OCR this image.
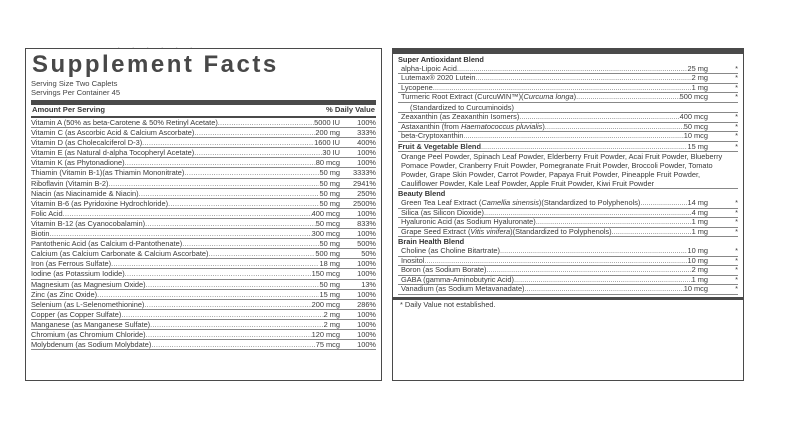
Supplement Facts
Serving Size Two Caplets
Servings Per Container 45
Amount Per Serving	% Daily Value
Vitamin A (50% as beta-Carotene & 50% Retinyl Acetate) .....	5000 IU	100%
Vitamin C (as Ascorbic Acid & Calcium Ascorbate) .....	200 mg	333%
Vitamin D (as Cholecalciferol D-3) .....	1600 IU	400%
Vitamin E (as Natural d-alpha Tocopheryl Acetate) .....	30 IU	100%
Vitamin K (as Phytonadione) .....	80 mcg	100%
Thiamin (Vitamin B-1)(as Thiamin Mononitrate) .....	50 mg	3333%
Riboflavin (Vitamin B-2) .....	50 mg	2941%
Niacin (as Niacinamide & Niacin) .....	50 mg	250%
Vitamin B-6 (as Pyridoxine Hydrochloride) .....	50 mg	2500%
Folic Acid .....	400 mcg	100%
Vitamin B-12 (as Cyanocobalamin) .....	50 mcg	833%
Biotin .....	300 mcg	100%
Pantothenic Acid (as Calcium d-Pantothenate) .....	50 mg	500%
Calcium (as Calcium Carbonate & Calcium Ascorbate) .....	500 mg	50%
Iron (as Ferrous Sulfate) .....	18 mg	100%
Iodine (as Potassium Iodide) .....	150 mcg	100%
Magnesium (as Magnesium Oxide) .....	50 mg	13%
Zinc (as Zinc Oxide) .....	15 mg	100%
Selenium (as L-Selenomethionine) .....	200 mcg	286%
Copper (as Copper Sulfate) .....	2 mg	100%
Manganese (as Manganese Sulfate) .....	2 mg	100%
Chromium (as Chromium Chloride) .....	120 mcg	100%
Molybdenum (as Sodium Molybdate) .....	75 mcg	100%
Super Antioxidant Blend
alpha-Lipoic Acid .....	25 mg	*
Lutemax® 2020 Lutein .....	2 mg	*
Lycopene .....	1 mg	*
Turmeric Root Extract (CurcuWIN™)(Curcuma longa) .....	500 mcg	*
(Standardized to Curcuminoids)
Zeaxanthin (as Zeaxanthin Isomers) .....	400 mcg	*
Astaxanthin (from Haematococcus pluvialis) .....	50 mcg	*
beta-Cryptoxanthin .....	10 mcg	*
Fruit & Vegetable Blend .....	15 mg	*
Orange Peel Powder, Spinach Leaf Powder, Elderberry Fruit Powder, Acai Fruit Powder, Blueberry Pomace Powder, Cranberry Fruit Powder, Pomegranate Fruit Powder, Broccoli Powder, Tomato Powder, Grape Skin Powder, Carrot Powder, Papaya Fruit Powder, Pineapple Fruit Powder, Cauliflower Powder, Kale Leaf Powder, Apple Fruit Powder, Kiwi Fruit Powder
Beauty Blend
Green Tea Leaf Extract (Camellia sinensis)(Standardized to Polyphenols) .....	14 mg	*
Silica (as Silicon Dioxide) .....	4 mg	*
Hyaluronic Acid (as Sodium Hyaluronate) .....	1 mg	*
Grape Seed Extract (Vitis vinifera)(Standardized to Polyphenols) .....	1 mg	*
Brain Health Blend
Choline (as Choline Bitartrate) .....	10 mg	*
Inositol .....	10 mg	*
Boron (as Sodium Borate) .....	2 mg	*
GABA (gamma-Aminobutyric Acid) .....	1 mg	*
Vanadium (as Sodium Metavanadate) .....	10 mcg	*
* Daily Value not established.
